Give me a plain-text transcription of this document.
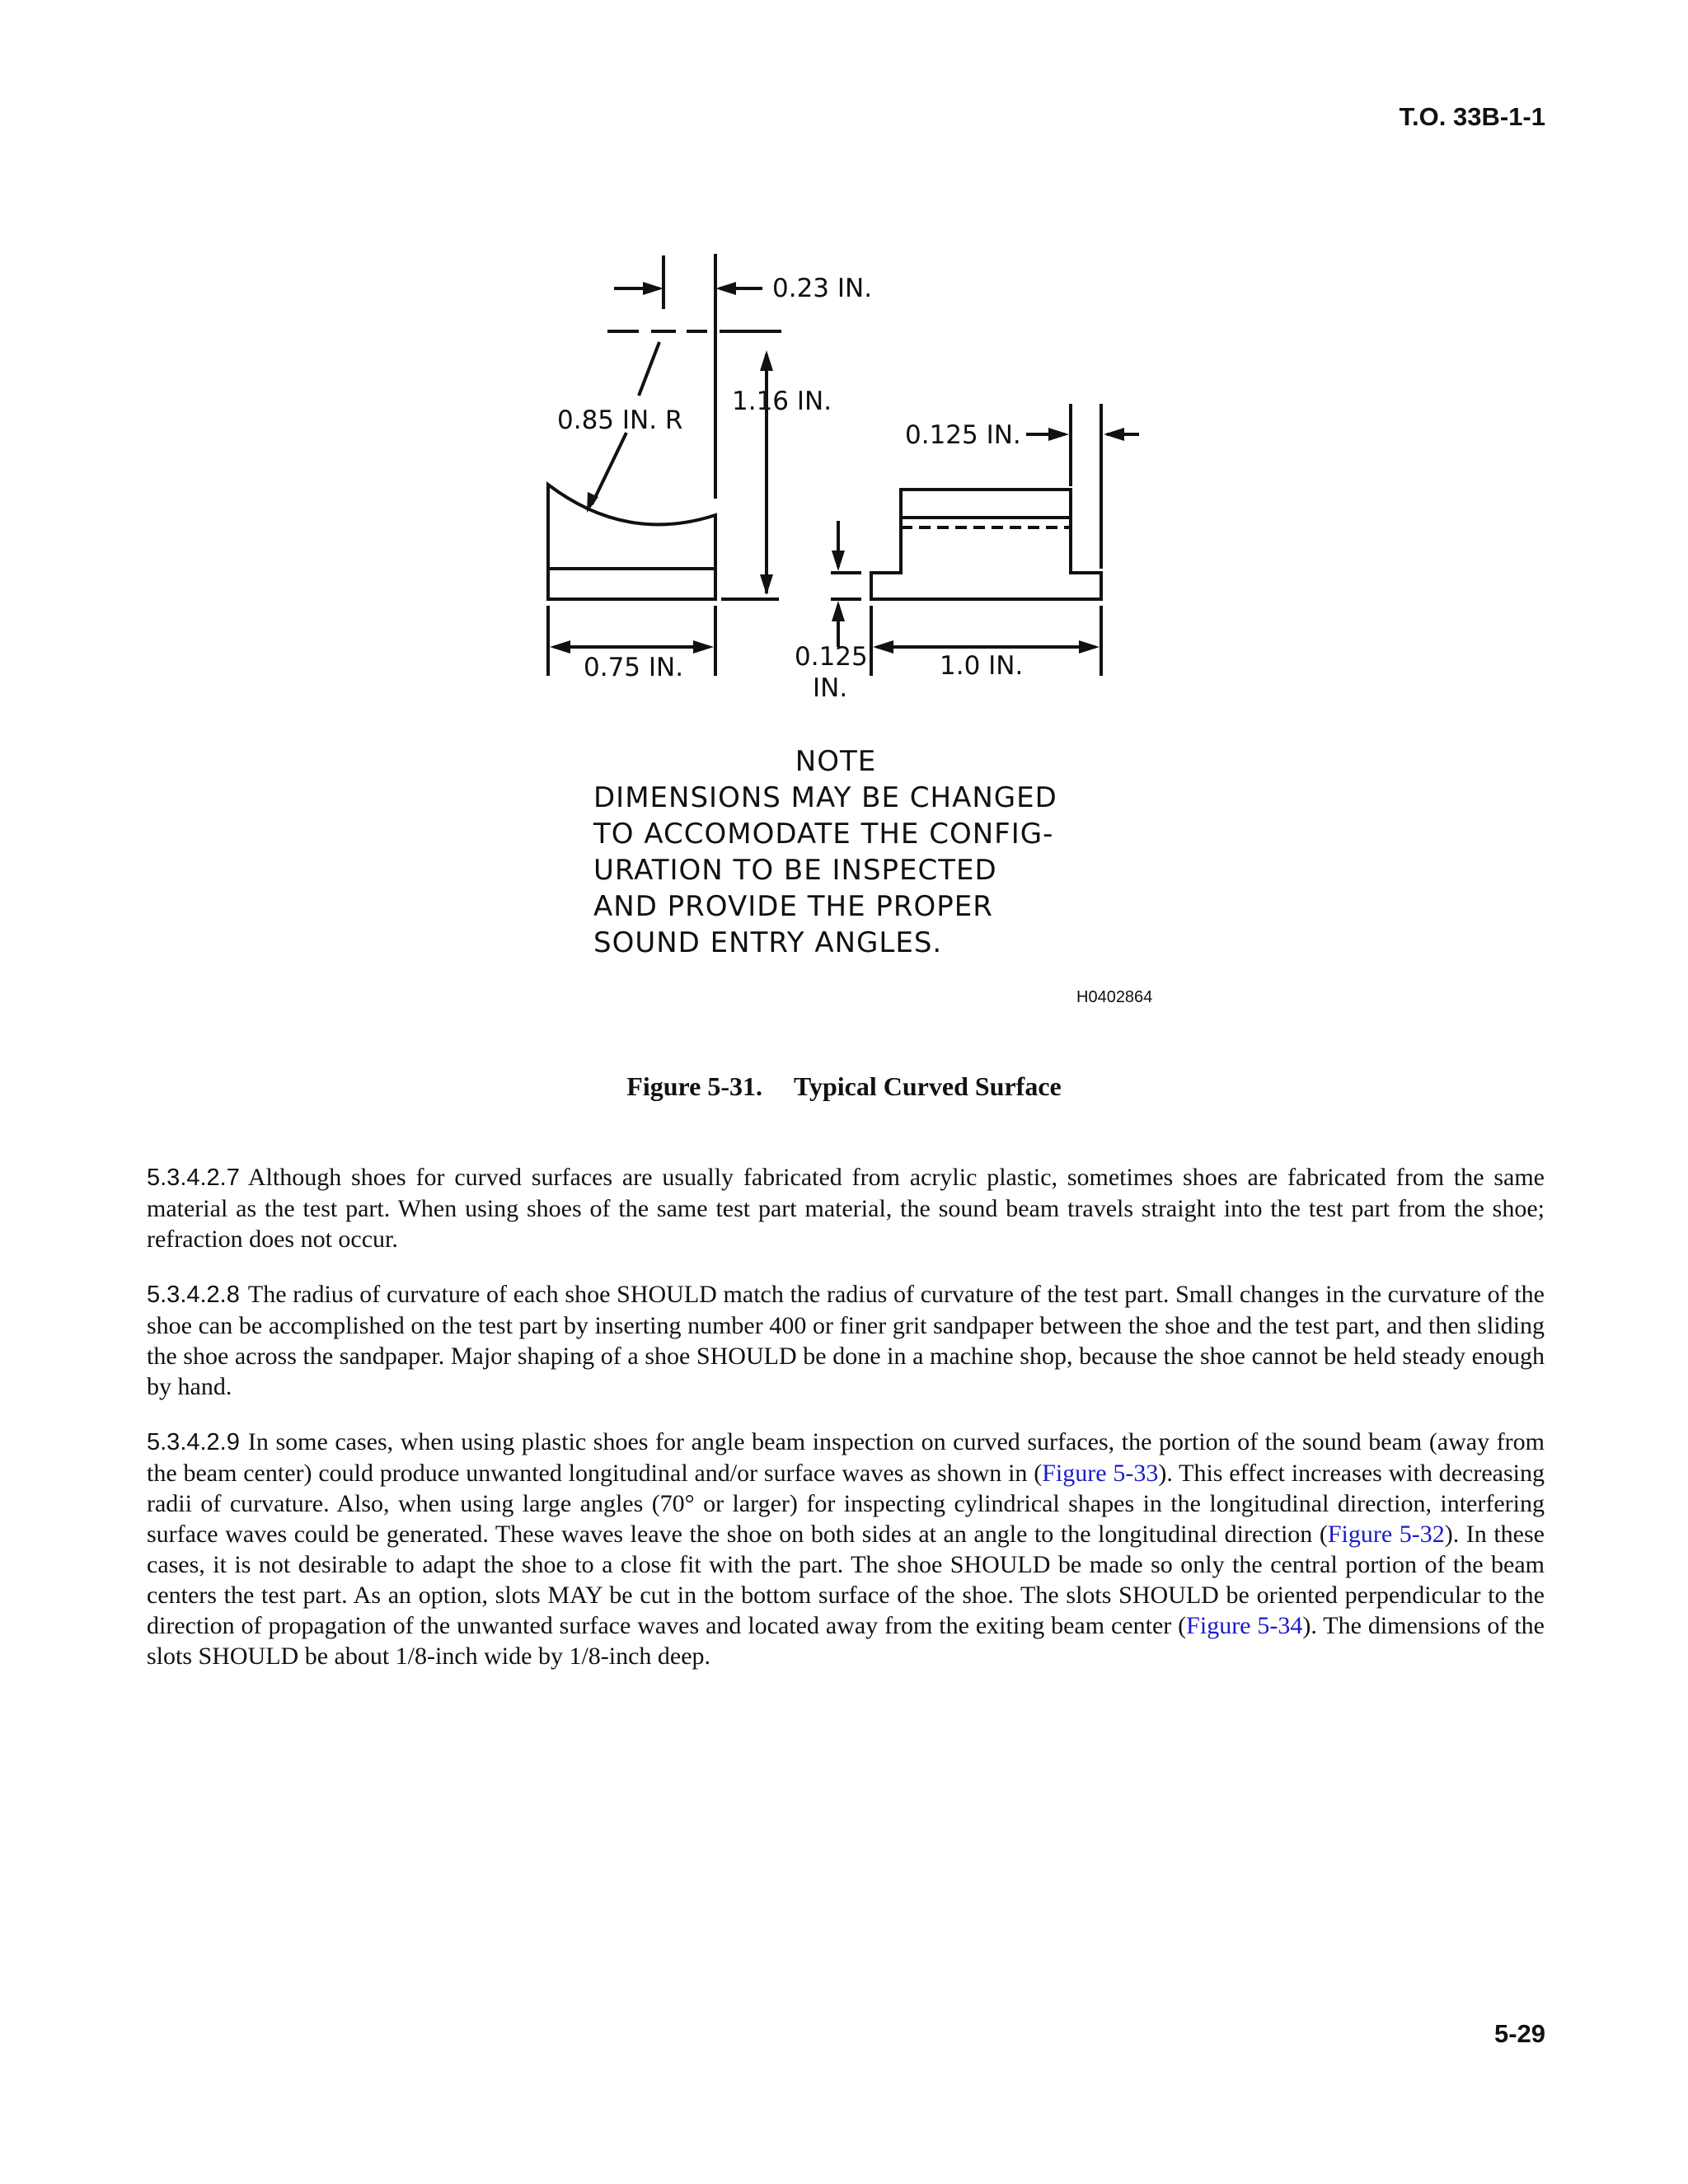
T.O. 33B-1-1
0.23 IN.
0.85 IN. R
1.16 IN.
0.125 IN.
0.75 IN.	0.125
IN.
1.0 IN.
NOTE
DIMENSIONS MAY BE CHANGED
TO ACCOMODATE THE CONFIG-
URATION TO BE INSPECTED
AND PROVIDE THE PROPER
SOUND ENTRY ANGLES.
H0402864
Figure 5-31. Typical Curved Surface

5.3.4.2.7 Although shoes for curved surfaces are usually fabricated from acrylic plastic, sometimes shoes are fabricated from the same material as the test part. When using shoes of the same test part material, the sound beam travels straight into the test part from the shoe; refraction does not occur.

5.3.4.2.8 The radius of curvature of each shoe SHOULD match the radius of curvature of the test part. Small changes in the curvature of the shoe can be accomplished on the test part by inserting number 400 or finer grit sandpaper between the shoe and the test part, and then sliding the shoe across the sandpaper. Major shaping of a shoe SHOULD be done in a machine shop, because the shoe cannot be held steady enough by hand.

5.3.4.2.9 In some cases, when using plastic shoes for angle beam inspection on curved surfaces, the portion of the sound beam (away from the beam center) could produce unwanted longitudinal and/or surface waves as shown in (Figure 5-33). This effect increases with decreasing radii of curvature. Also, when using large angles (70° or larger) for inspecting cylindrical shapes in the longitudinal direction, interfering surface waves could be generated. These waves leave the shoe on both sides at an angle to the longitudinal direction (Figure 5-32). In these cases, it is not desirable to adapt the shoe to a close fit with the part. The shoe SHOULD be made so only the central portion of the beam centers the test part. As an option, slots MAY be cut in the bottom surface of the shoe. The slots SHOULD be oriented perpendicular to the direction of propagation of the unwanted surface waves and located away from the exiting beam center (Figure 5-34). The dimensions of the slots SHOULD be about 1/8-inch wide by 1/8-inch deep.

5-29
